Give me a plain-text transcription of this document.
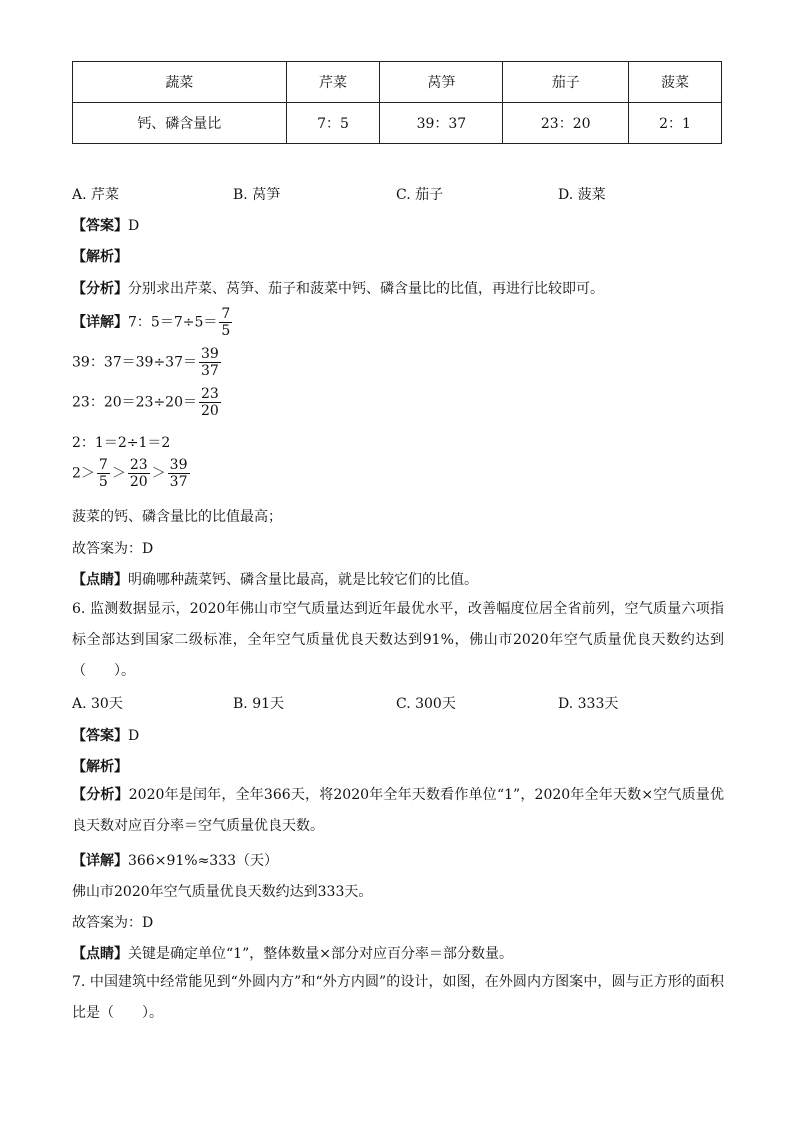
蔬菜	芹菜	莴笋	茄子	菠菜
钙、磷含量比	7：5	39：37	23：20	2：1
A. 芹菜	B. 莴笋	C. 茄子	D. 菠菜
【答案】D
【解析】
【分析】分别求出芹菜、莴笋、茄子和菠菜中钙、磷含量比的比值，再进行比较即可。
【详解】7：$5=7\div 5= \frac{7}{5}$
39：$37=39\div 37= \frac{39}{37}$
23：$20=23\div 20= \frac{23}{20}$
2：1＝2÷1＝2
$2> \frac{7}{5} > \frac{23}{20} > \frac{39}{37}$
菠菜的钙、磷含量比的比值最高；
故答案为：D
【点睛】明确哪种蔬菜钙、磷含量比最高，就是比较它们的比值。
6. 监测数据显示，2020年佛山市空气质量达到近年最优水平，改善幅度位居全省前列，空气质量六项指标全部达到国家二级标准，全年空气质量优良天数达到91%，佛山市2020年空气质量优良天数约达到（　　）。
A. 30天	B. 91天	C. 300天	D. 333天
【答案】D
【解析】
【分析】2020年是闰年，全年366天，将2020年全年天数看作单位“1”，2020年全年天数×空气质量优良天数对应百分率＝空气质量优良天数。
【详解】366×91%≈333（天）
佛山市2020年空气质量优良天数约达到333天。
故答案为：D
【点睛】关键是确定单位“1”，整体数量×部分对应百分率＝部分数量。
7. 中国建筑中经常能见到“外圆内方”和“外方内圆”的设计，如图，在外圆内方图案中，圆与正方形的面积比是（　　）。
